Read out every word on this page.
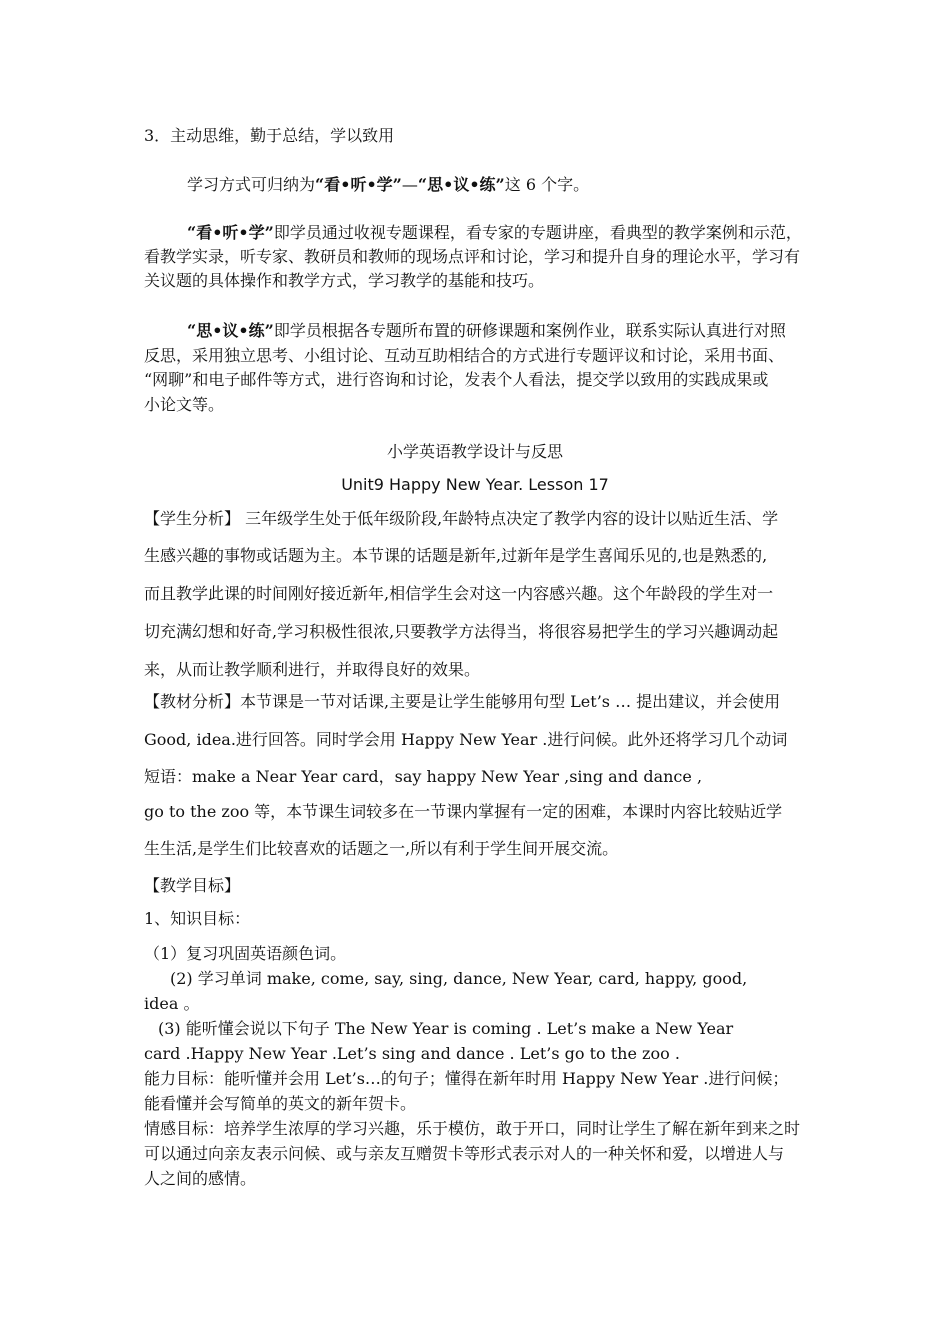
3．主动思维，勤于总结，学以致用
学习方式可归纳为“看•听•学”—“思•议•练”这 6 个字。
“看•听•学”即学员通过收视专题课程，看专家的专题讲座，看典型的教学案例和示范，
看教学实录，听专家、教研员和教师的现场点评和讨论，学习和提升自身的理论水平，学习有
关议题的具体操作和教学方式，学习教学的基能和技巧。
“思•议•练”即学员根据各专题所布置的研修课题和案例作业，联系实际认真进行对照
反思，采用独立思考、小组讨论、互动互助相结合的方式进行专题评议和讨论，采用书面、
“网聊”和电子邮件等方式，进行咨询和讨论，发表个人看法，提交学以致用的实践成果或
小论文等。
小学英语教学设计与反思
Unit9 Happy New Year. Lesson 17
【学生分析】 三年级学生处于低年级阶段,年龄特点决定了教学内容的设计以贴近生活、学
生感兴趣的事物或话题为主。本节课的话题是新年,过新年是学生喜闻乐见的,也是熟悉的,
而且教学此课的时间刚好接近新年,相信学生会对这一内容感兴趣。这个年龄段的学生对一
切充满幻想和好奇,学习积极性很浓,只要教学方法得当，将很容易把学生的学习兴趣调动起
来，从而让教学顺利进行，并取得良好的效果。
【教材分析】本节课是一节对话课,主要是让学生能够用句型 Let’s … 提出建议，并会使用
Good, idea.进行回答。同时学会用 Happy New Year .进行问候。此外还将学习几个动词
短语：make a Near Year card，say happy New Year ,sing and dance ,
go to the zoo 等，本节课生词较多在一节课内掌握有一定的困难，本课时内容比较贴近学
生生活,是学生们比较喜欢的话题之一,所以有利于学生间开展交流。
【教学目标】
1、知识目标：
（1）复习巩固英语颜色词。
(2) 学习单词 make, come, say, sing, dance, New Year, card, happy, good,
idea 。
(3) 能听懂会说以下句子 The New Year is coming . Let’s make a New Year
card .Happy New Year .Let’s sing and dance . Let’s go to the zoo .
能力目标：能听懂并会用 Let’s…的句子；懂得在新年时用 Happy New Year .进行问候；
能看懂并会写简单的英文的新年贺卡。
情感目标：培养学生浓厚的学习兴趣，乐于模仿，敢于开口，同时让学生了解在新年到来之时
可以通过向亲友表示问候、或与亲友互赠贺卡等形式表示对人的一种关怀和爱，以增进人与
人之间的感情。
